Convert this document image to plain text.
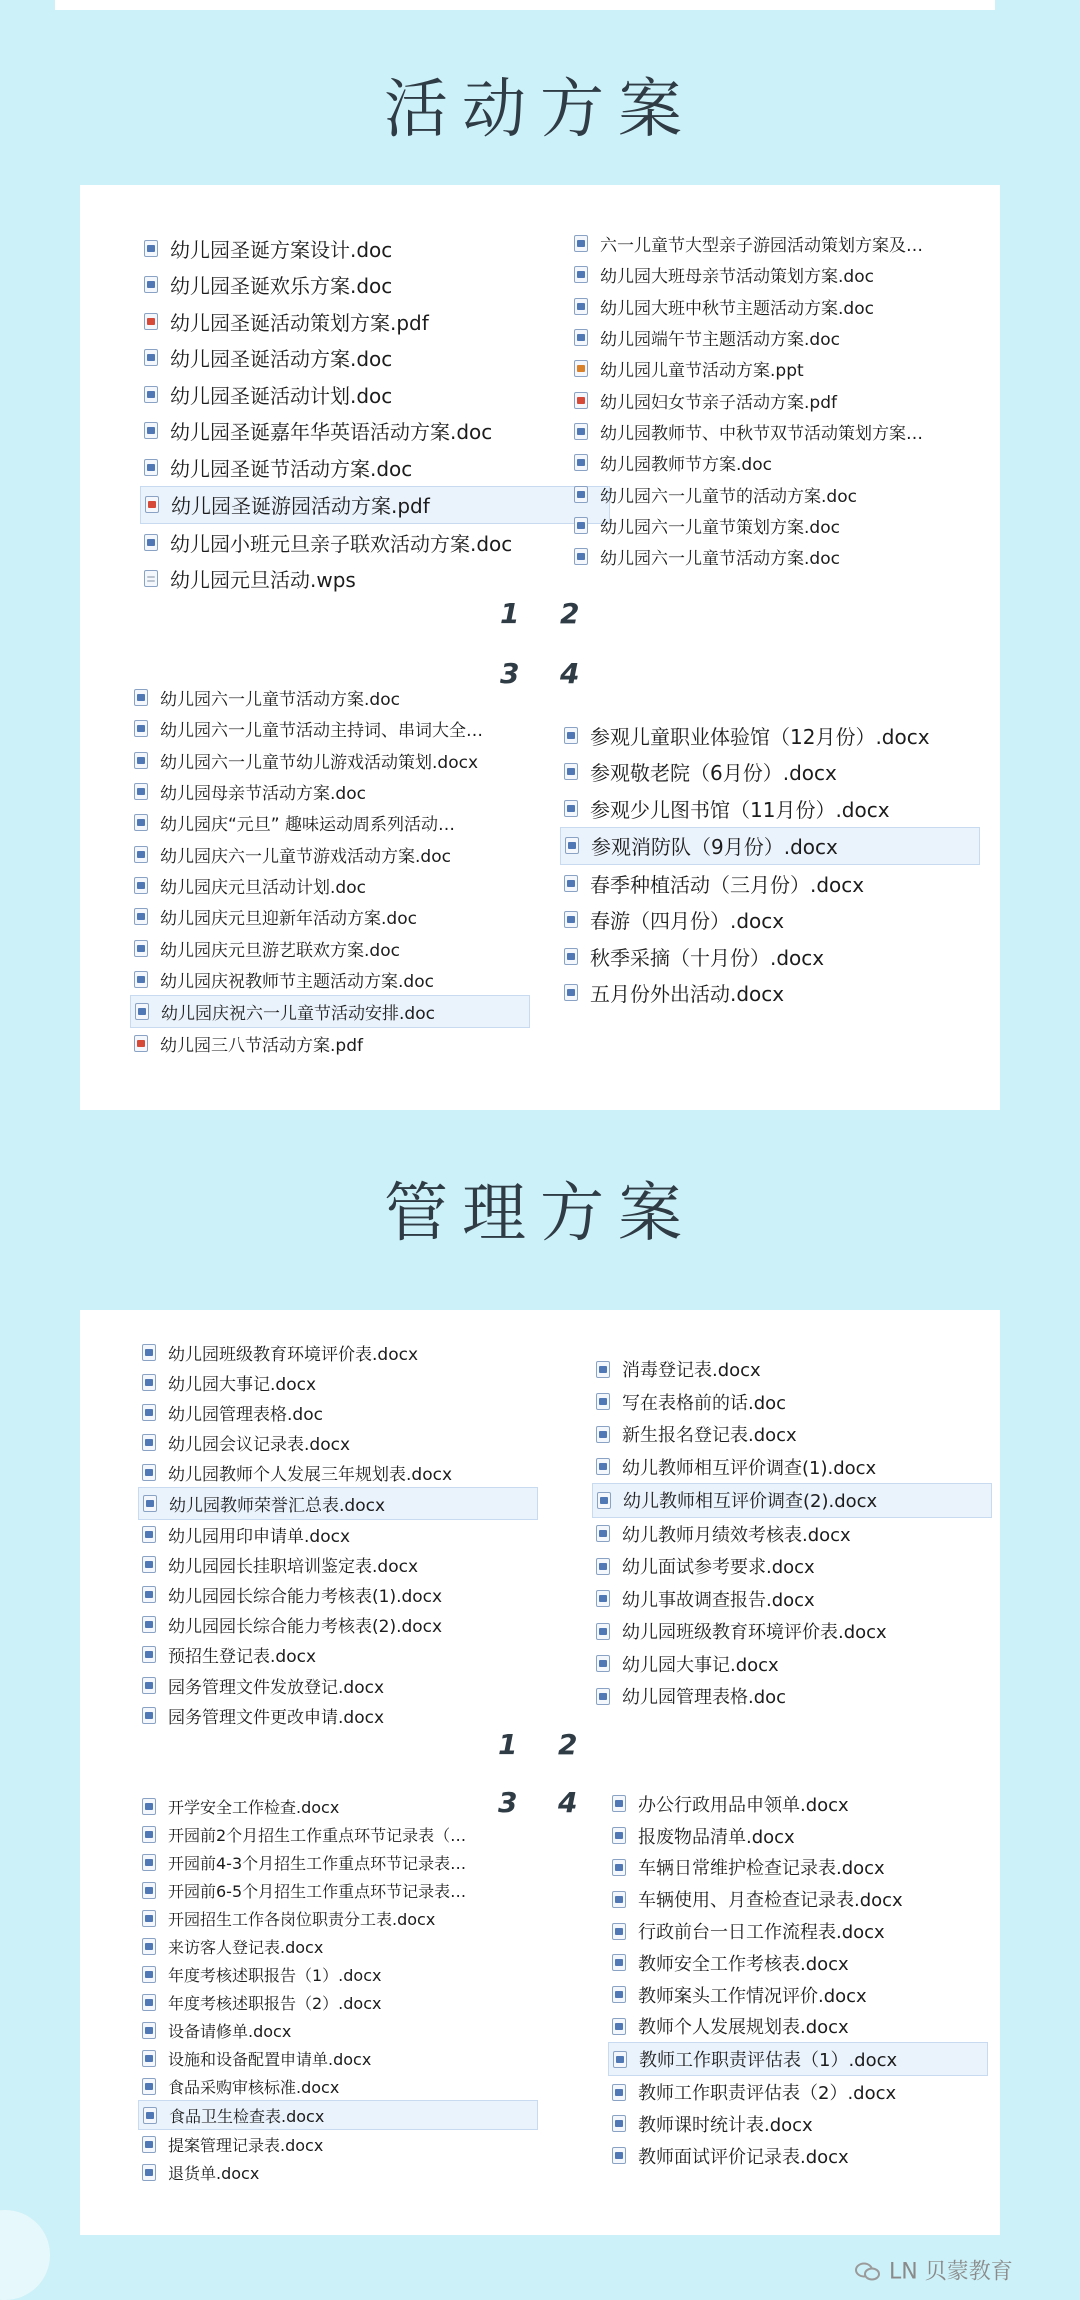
活动方案
幼儿园圣诞方案设计.doc
幼儿园圣诞欢乐方案.doc
幼儿园圣诞活动策划方案.pdf
幼儿园圣诞活动方案.doc
幼儿园圣诞活动计划.doc
幼儿园圣诞嘉年华英语活动方案.doc
幼儿园圣诞节活动方案.doc
幼儿园圣诞游园活动方案.pdf
幼儿园小班元旦亲子联欢活动方案.doc
幼儿园元旦活动.wps
六一儿童节大型亲子游园活动策划方案及…
幼儿园大班母亲节活动策划方案.doc
幼儿园大班中秋节主题活动方案.doc
幼儿园端午节主题活动方案.doc
幼儿园儿童节活动方案.ppt
幼儿园妇女节亲子活动方案.pdf
幼儿园教师节、中秋节双节活动策划方案…
幼儿园教师节方案.doc
幼儿园六一儿童节的活动方案.doc
幼儿园六一儿童节策划方案.doc
幼儿园六一儿童节活动方案.doc
幼儿园六一儿童节活动方案.doc
幼儿园六一儿童节活动主持词、串词大全…
幼儿园六一儿童节幼儿游戏活动策划.docx
幼儿园母亲节活动方案.doc
幼儿园庆“元旦” 趣味运动周系列活动…
幼儿园庆六一儿童节游戏活动方案.doc
幼儿园庆元旦活动计划.doc
幼儿园庆元旦迎新年活动方案.doc
幼儿园庆元旦游艺联欢方案.doc
幼儿园庆祝教师节主题活动方案.doc
幼儿园庆祝六一儿童节活动安排.doc
幼儿园三八节活动方案.pdf
参观儿童职业体验馆（12月份）.docx
参观敬老院（6月份）.docx
参观少儿图书馆（11月份）.docx
参观消防队（9月份）.docx
春季种植活动（三月份）.docx
春游（四月份）.docx
秋季采摘（十月份）.docx
五月份外出活动.docx
1 2
3 4
管理方案
幼儿园班级教育环境评价表.docx
幼儿园大事记.docx
幼儿园管理表格.doc
幼儿园会议记录表.docx
幼儿园教师个人发展三年规划表.docx
幼儿园教师荣誉汇总表.docx
幼儿园用印申请单.docx
幼儿园园长挂职培训鉴定表.docx
幼儿园园长综合能力考核表(1).docx
幼儿园园长综合能力考核表(2).docx
预招生登记表.docx
园务管理文件发放登记.docx
园务管理文件更改申请.docx
消毒登记表.docx
写在表格前的话.doc
新生报名登记表.docx
幼儿教师相互评价调查(1).docx
幼儿教师相互评价调查(2).docx
幼儿教师月绩效考核表.docx
幼儿面试参考要求.docx
幼儿事故调查报告.docx
幼儿园班级教育环境评价表.docx
幼儿园大事记.docx
幼儿园管理表格.doc
开学安全工作检查.docx
开园前2个月招生工作重点环节记录表（…
开园前4-3个月招生工作重点环节记录表…
开园前6-5个月招生工作重点环节记录表…
开园招生工作各岗位职责分工表.docx
来访客人登记表.docx
年度考核述职报告（1）.docx
年度考核述职报告（2）.docx
设备请修单.docx
设施和设备配置申请单.docx
食品采购审核标准.docx
食品卫生检查表.docx
提案管理记录表.docx
退货单.docx
办公行政用品申领单.docx
报废物品清单.docx
车辆日常维护检查记录表.docx
车辆使用、月查检查记录表.docx
行政前台一日工作流程表.docx
教师安全工作考核表.docx
教师案头工作情况评价.docx
教师个人发展规划表.docx
教师工作职责评估表（1）.docx
教师工作职责评估表（2）.docx
教师课时统计表.docx
教师面试评价记录表.docx
1 2
3 4
LN 贝蒙教育
